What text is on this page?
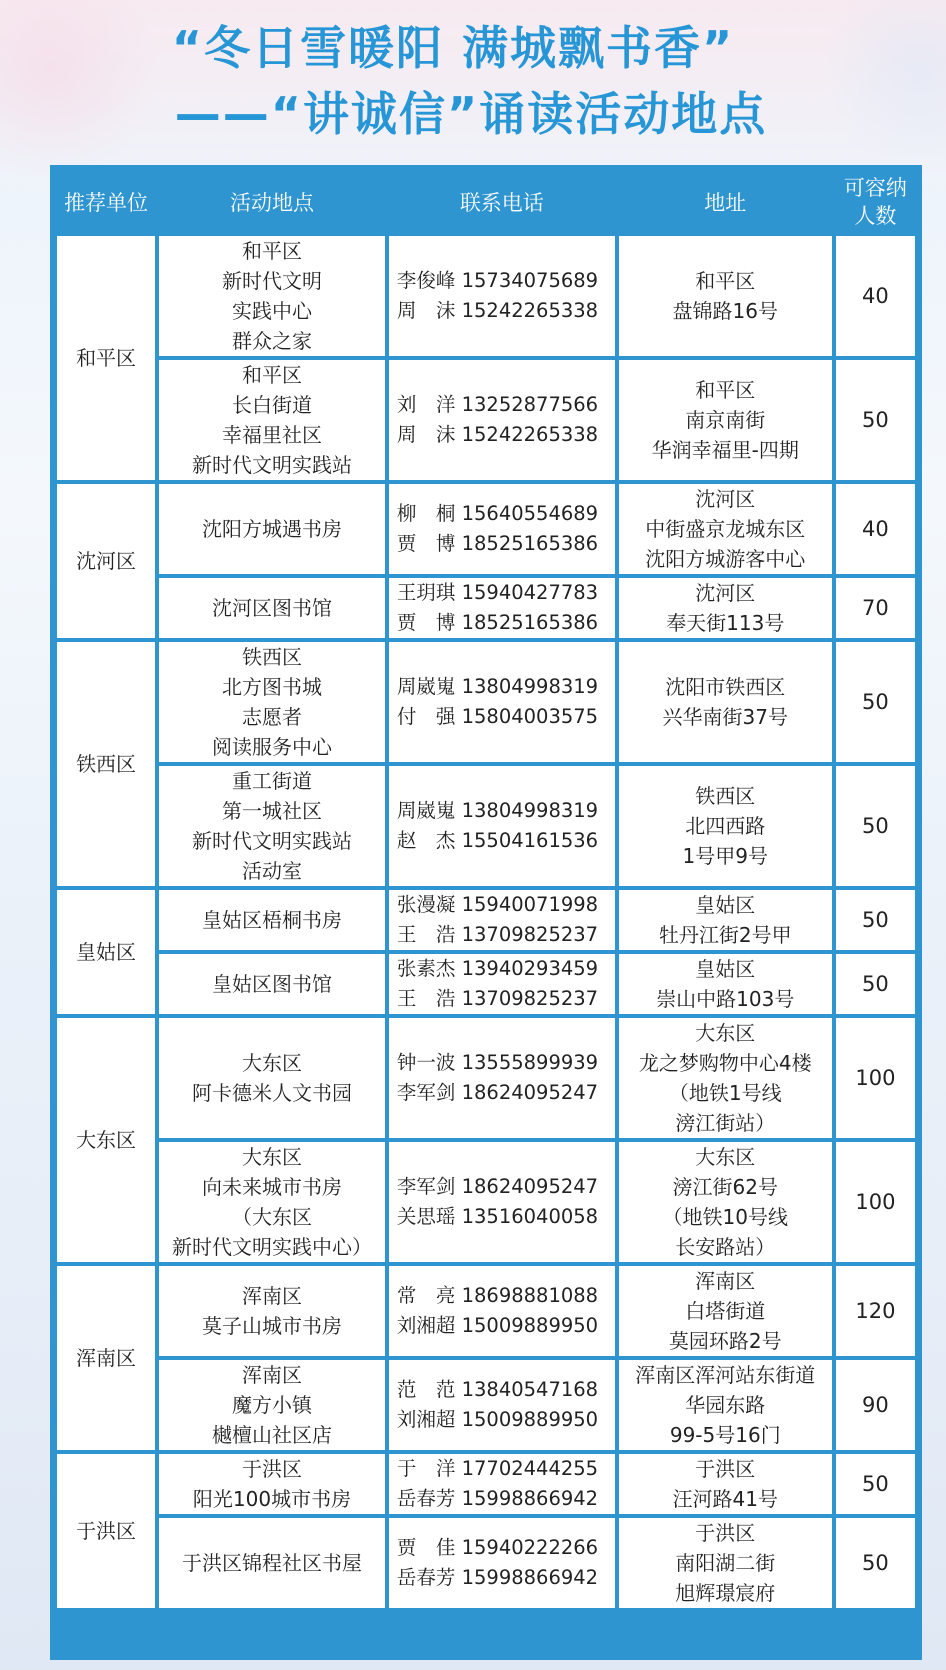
“冬日雪暖阳 满城飘书香”
——“讲诚信”诵读活动地点
推荐单位	活动地点	联系电话	地址	可容纳人数
和平区	和平区
新时代文明
实践中心
群众之家	李俊峰 15734075689
周　沫 15242265338	和平区
盘锦路16号	40

	和平区
长白街道
幸福里社区
新时代文明实践站	刘　洋 13252877566
周　沫 15242265338	和平区
南京南街
华润幸福里-四期	50
沈河区	沈阳方城遇书房	柳　桐 15640554689
贾　博 18525165386	沈河区
中街盛京龙城东区
沈阳方城游客中心	40

	沈河区图书馆	王玥琪 15940427783
贾　博 18525165386	沈河区
奉天街113号	70
铁西区	铁西区
北方图书城
志愿者
阅读服务中心	周崴嵬 13804998319
付　强 15804003575	沈阳市铁西区
兴华南街37号	50

	重工街道
第一城社区
新时代文明实践站
活动室	周崴嵬 13804998319
赵　杰 15504161536	铁西区
北四西路
1号甲9号	50
皇姑区	皇姑区梧桐书房	张漫凝 15940071998
王　浩 13709825237	皇姑区
牡丹江街2号甲	50

	皇姑区图书馆	张素杰 13940293459
王　浩 13709825237	皇姑区
崇山中路103号	50
大东区	大东区
阿卡德米人文书园	钟一波 13555899939
李军剑 18624095247	大东区
龙之梦购物中心4楼
（地铁1号线
滂江街站）	100

	大东区
向未来城市书房
（大东区
新时代文明实践中心）	李军剑 18624095247
关思瑶 13516040058	大东区
滂江街62号
（地铁10号线
长安路站）	100
浑南区	浑南区
莫子山城市书房	常　亮 18698881088
刘湘超 15009889950	浑南区
白塔街道
莫园环路2号	120

	浑南区
魔方小镇
樾檀山社区店	范　范 13840547168
刘湘超 15009889950	浑南区浑河站东街道
华园东路
99-5号16门	90
于洪区	于洪区
阳光100城市书房	于　洋 17702444255
岳春芳 15998866942	于洪区
汪河路41号	50

	于洪区锦程社区书屋	贾　佳 15940222266
岳春芳 15998866942	于洪区
南阳湖二街
旭辉璟宸府	50
